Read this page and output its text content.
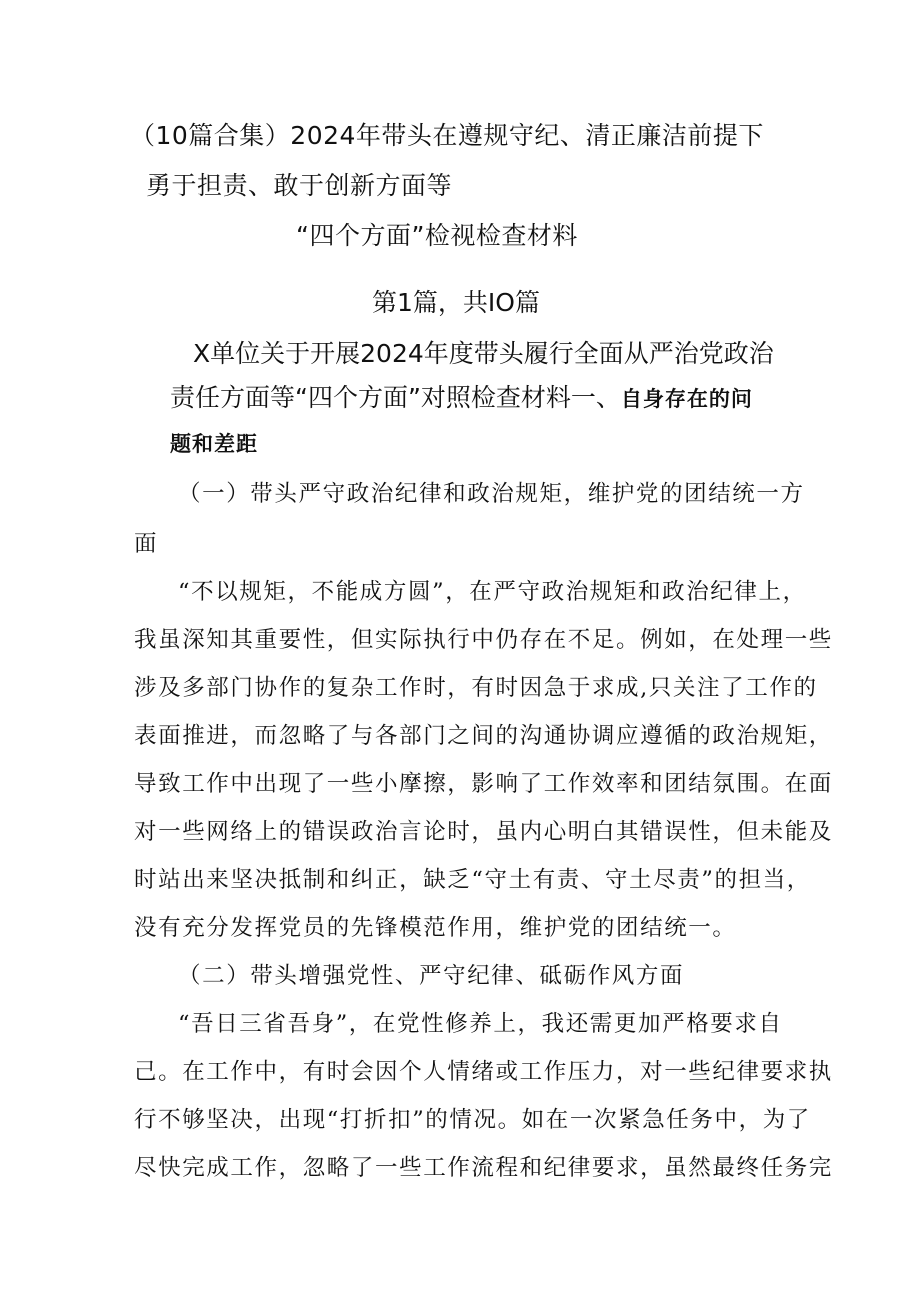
（10篇合集）2024年带头在遵规守纪、清正廉洁前提下
勇于担责、敢于创新方面等
“四个方面”检视检查材料
第1篇，共IO篇
X单位关于开展2024年度带头履行全面从严治党政治
责任方面等“四个方面”对照检查材料一、自身存在的问
题和差距
（一）带头严守政治纪律和政治规矩，维护党的团结统一方
面
“不以规矩，不能成方圆”，在严守政治规矩和政治纪律上，
我虽深知其重要性，但实际执行中仍存在不足。例如，在处理一些
涉及多部门协作的复杂工作时，有时因急于求成,只关注了工作的
表面推进，而忽略了与各部门之间的沟通协调应遵循的政治规矩，
导致工作中出现了一些小摩擦，影响了工作效率和团结氛围。在面
对一些网络上的错误政治言论时，虽内心明白其错误性，但未能及
时站出来坚决抵制和纠正，缺乏“守土有责、守土尽责”的担当，
没有充分发挥党员的先锋模范作用，维护党的团结统一。
（二）带头增强党性、严守纪律、砥砺作风方面
“吾日三省吾身”，在党性修养上，我还需更加严格要求自
己。在工作中，有时会因个人情绪或工作压力，对一些纪律要求执
行不够坚决，出现“打折扣”的情况。如在一次紧急任务中，为了
尽快完成工作，忽略了一些工作流程和纪律要求，虽然最终任务完
